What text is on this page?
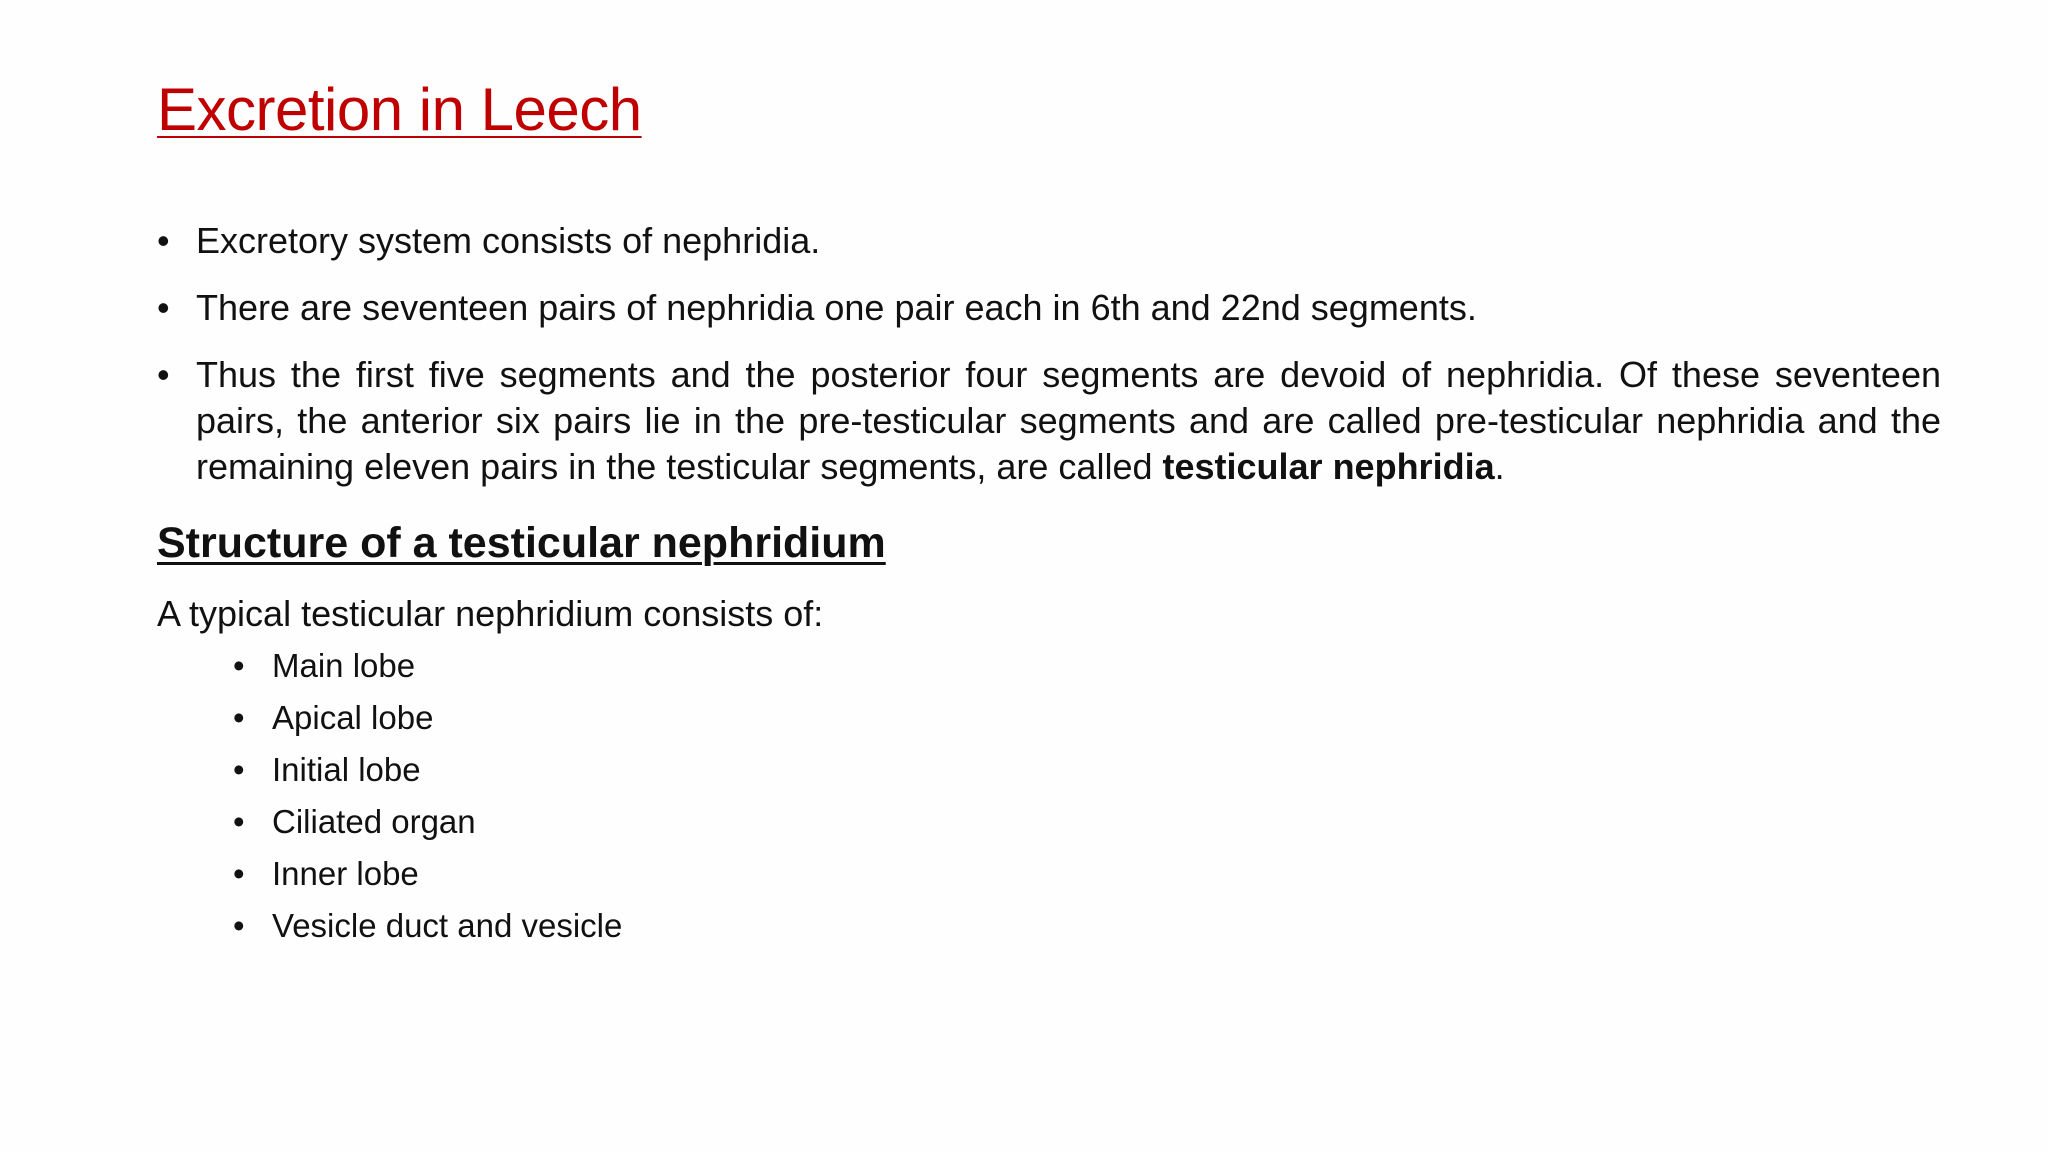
Excretion in Leech
• Excretory system consists of nephridia.
• There are seventeen pairs of nephridia one pair each in 6th and 22nd segments.
• Thus the first five segments and the posterior four segments are devoid of nephridia. Of these seventeen pairs, the anterior six pairs lie in the pre-testicular segments and are called pre-testicular nephridia and the remaining eleven pairs in the testicular segments, are called testicular nephridia.
Structure of a testicular nephridium

A typical testicular nephridium consists of:

• Main lobe
• Apical lobe
• Initial lobe
• Ciliated organ
• Inner lobe
• Vesicle duct and vesicle
